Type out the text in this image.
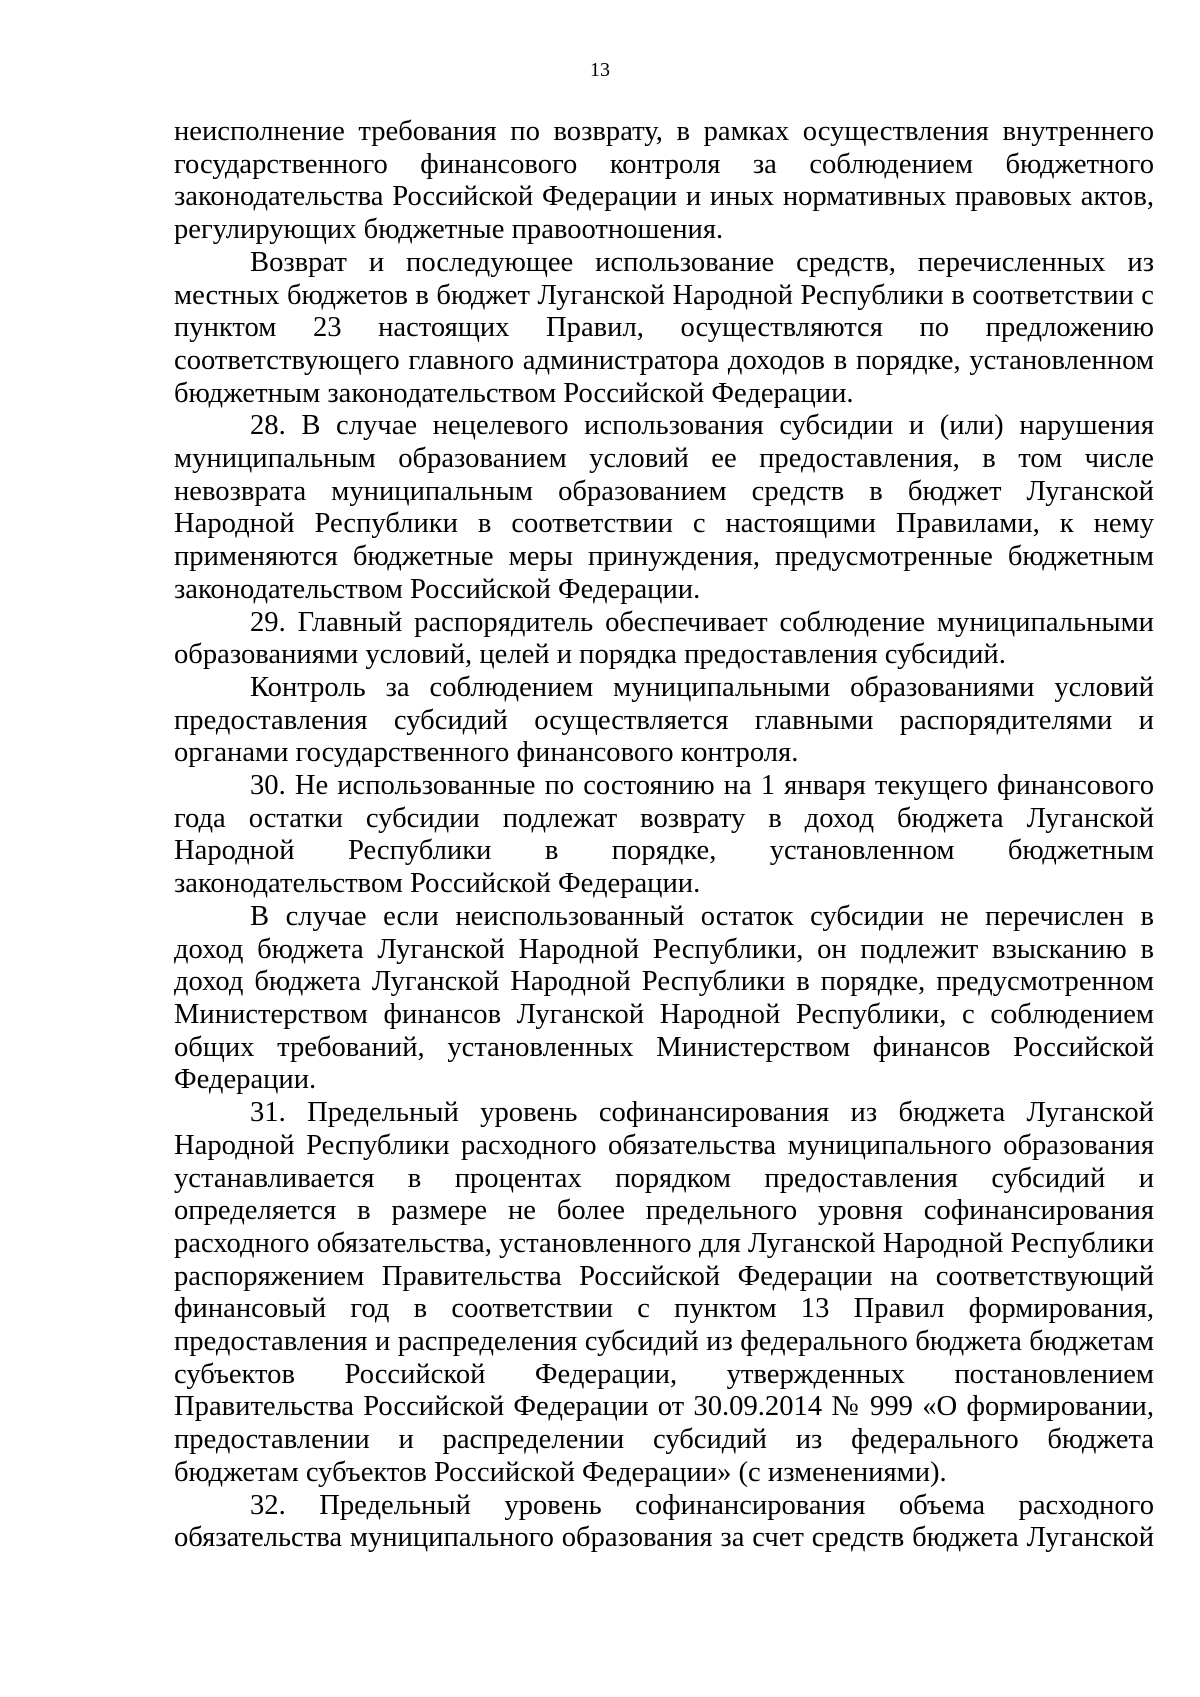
13

неисполнение требования по возврату, в рамках осуществления внутреннего государственного финансового контроля за соблюдением бюджетного законодательства Российской Федерации и иных нормативных правовых актов, регулирующих бюджетные правоотношения.

Возврат и последующее использование средств, перечисленных из местных бюджетов в бюджет Луганской Народной Республики в соответствии с пунктом 23 настоящих Правил, осуществляются по предложению соответствующего главного администратора доходов в порядке, установленном бюджетным законодательством Российской Федерации.

28. В случае нецелевого использования субсидии и (или) нарушения муниципальным образованием условий ее предоставления, в том числе невозврата муниципальным образованием средств в бюджет Луганской Народной Республики в соответствии с настоящими Правилами, к нему применяются бюджетные меры принуждения, предусмотренные бюджетным законодательством Российской Федерации.

29. Главный распорядитель обеспечивает соблюдение муниципальными образованиями условий, целей и порядка предоставления субсидий.

Контроль за соблюдением муниципальными образованиями условий предоставления субсидий осуществляется главными распорядителями и органами государственного финансового контроля.

30. Не использованные по состоянию на 1 января текущего финансового года остатки субсидии подлежат возврату в доход бюджета Луганской Народной Республики в порядке, установленном бюджетным законодательством Российской Федерации.

В случае если неиспользованный остаток субсидии не перечислен в доход бюджета Луганской Народной Республики, он подлежит взысканию в доход бюджета Луганской Народной Республики в порядке, предусмотренном Министерством финансов Луганской Народной Республики, с соблюдением общих требований, установленных Министерством финансов Российской Федерации.

31. Предельный уровень софинансирования из бюджета Луганской Народной Республики расходного обязательства муниципального образования устанавливается в процентах порядком предоставления субсидий и определяется в размере не более предельного уровня софинансирования расходного обязательства, установленного для Луганской Народной Республики распоряжением Правительства Российской Федерации на соответствующий финансовый год в соответствии с пунктом 13 Правил формирования, предоставления и распределения субсидий из федерального бюджета бюджетам субъектов Российской Федерации, утвержденных постановлением Правительства Российской Федерации от 30.09.2014 № 999 «О формировании, предоставлении и распределении субсидий из федерального бюджета бюджетам субъектов Российской Федерации» (с изменениями).

32. Предельный уровень софинансирования объема расходного обязательства муниципального образования за счет средств бюджета Луганской
